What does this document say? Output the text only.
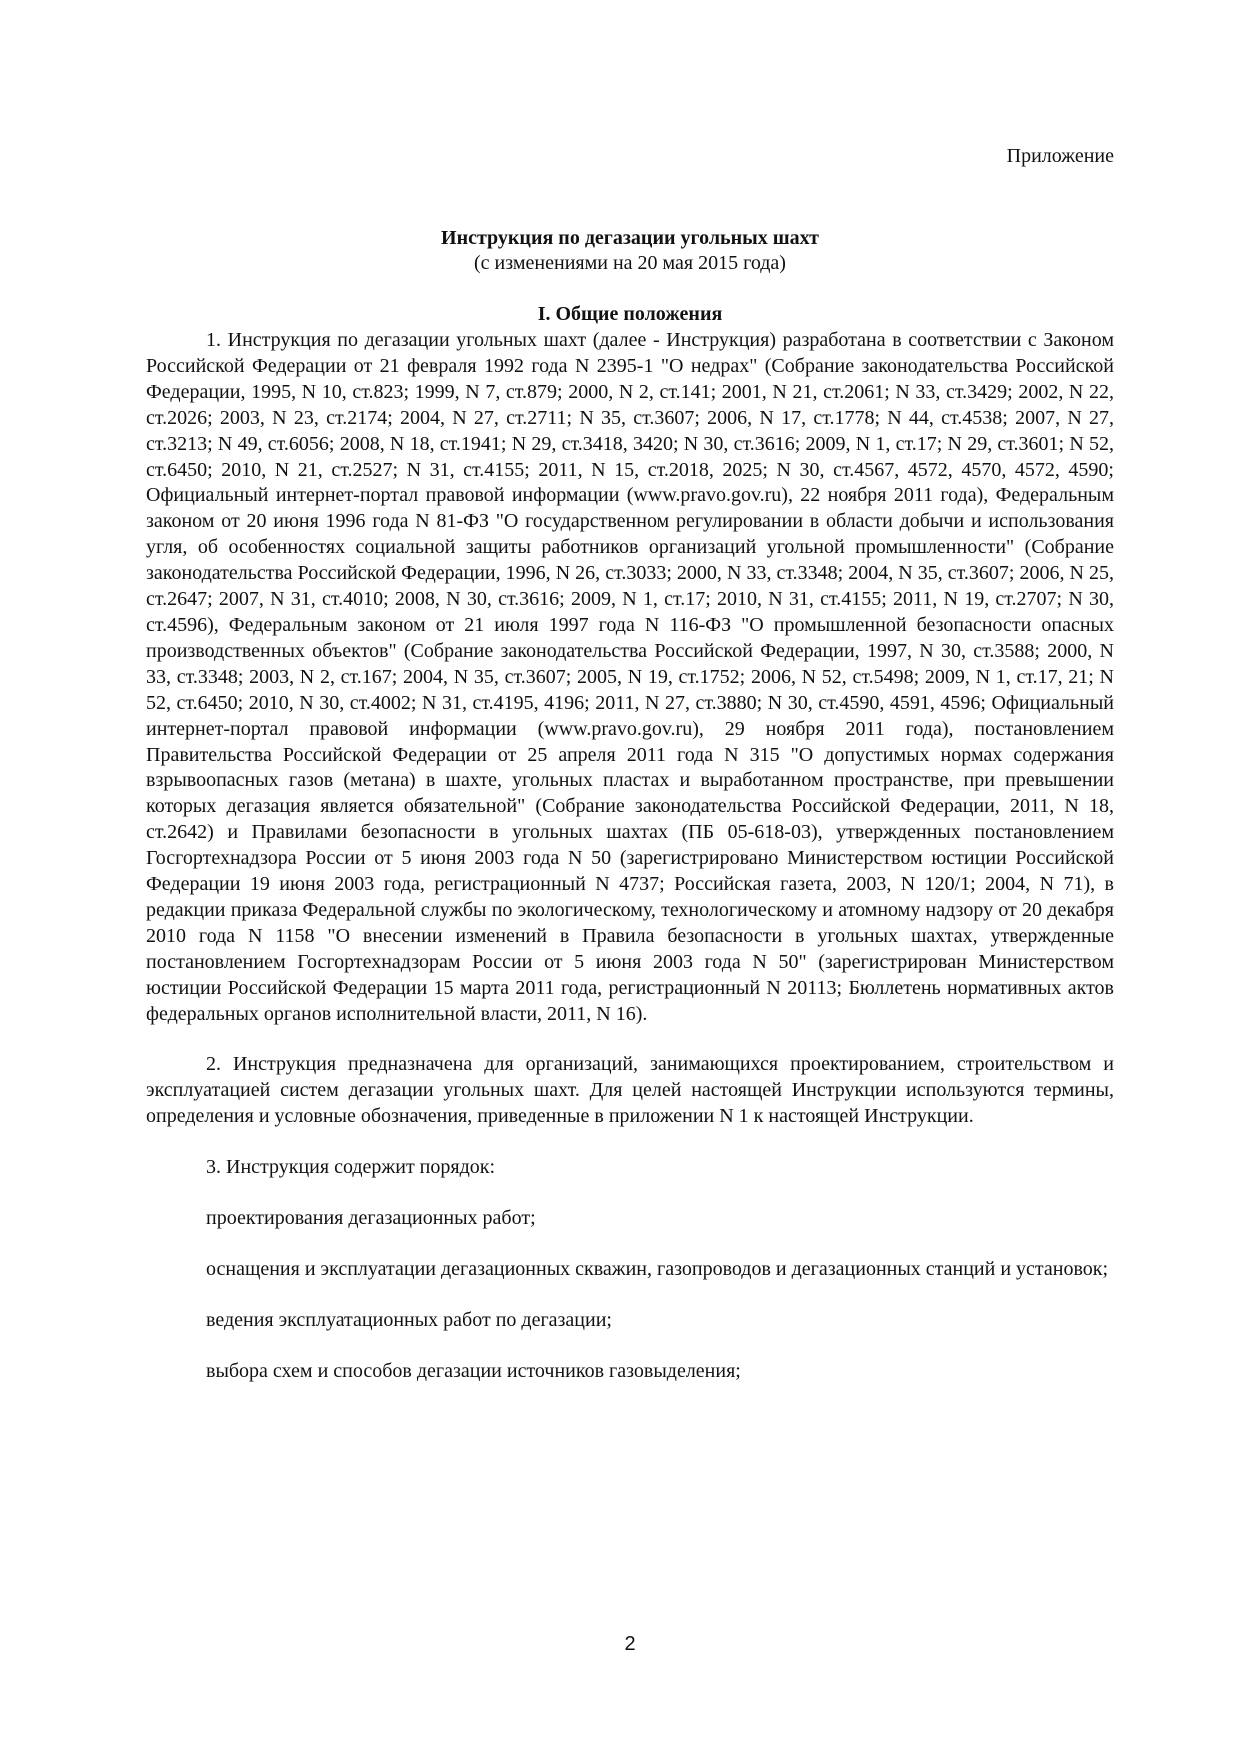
Приложение
Инструкция по дегазации угольных шахт
(с изменениями на 20 мая 2015 года)
I. Общие положения

1. Инструкция по дегазации угольных шахт (далее - Инструкция) разработана в соответствии с Законом Российской Федерации от 21 февраля 1992 года N 2395-1 "О недрах" (Собрание законодательства Российской Федерации, 1995, N 10, ст.823; 1999, N 7, ст.879; 2000, N 2, ст.141; 2001, N 21, ст.2061; N 33, ст.3429; 2002, N 22, ст.2026; 2003, N 23, ст.2174; 2004, N 27, ст.2711; N 35, ст.3607; 2006, N 17, ст.1778; N 44, ст.4538; 2007, N 27, ст.3213; N 49, ст.6056; 2008, N 18, ст.1941; N 29, ст.3418, 3420; N 30, ст.3616; 2009, N 1, ст.17; N 29, ст.3601; N 52, ст.6450; 2010, N 21, ст.2527; N 31, ст.4155; 2011, N 15, ст.2018, 2025; N 30, ст.4567, 4572, 4570, 4572, 4590; Официальный интернет-портал правовой информации (www.pravo.gov.ru), 22 ноября 2011 года), Федеральным законом от 20 июня 1996 года N 81-ФЗ "О государственном регулировании в области добычи и использования угля, об особенностях социальной защиты работников организаций угольной промышленности" (Собрание законодательства Российской Федерации, 1996, N 26, ст.3033; 2000, N 33, ст.3348; 2004, N 35, ст.3607; 2006, N 25, ст.2647; 2007, N 31, ст.4010; 2008, N 30, ст.3616; 2009, N 1, ст.17; 2010, N 31, ст.4155; 2011, N 19, ст.2707; N 30, ст.4596), Федеральным законом от 21 июля 1997 года N 116-ФЗ "О промышленной безопасности опасных производственных объектов" (Собрание законодательства Российской Федерации, 1997, N 30, ст.3588; 2000, N 33, ст.3348; 2003, N 2, ст.167; 2004, N 35, ст.3607; 2005, N 19, ст.1752; 2006, N 52, ст.5498; 2009, N 1, ст.17, 21; N 52, ст.6450; 2010, N 30, ст.4002; N 31, ст.4195, 4196; 2011, N 27, ст.3880; N 30, ст.4590, 4591, 4596; Официальный интернет-портал правовой информации (www.pravo.gov.ru), 29 ноября 2011 года), постановлением Правительства Российской Федерации от 25 апреля 2011 года N 315 "О допустимых нормах содержания взрывоопасных газов (метана) в шахте, угольных пластах и выработанном пространстве, при превышении которых дегазация является обязательной" (Собрание законодательства Российской Федерации, 2011, N 18, ст.2642) и Правилами безопасности в угольных шахтах (ПБ 05-618-03), утвержденных постановлением Госгортехнадзора России от 5 июня 2003 года N 50 (зарегистрировано Министерством юстиции Российской Федерации 19 июня 2003 года, регистрационный N 4737; Российская газета, 2003, N 120/1; 2004, N 71), в редакции приказа Федеральной службы по экологическому, технологическому и атомному надзору от 20 декабря 2010 года N 1158 "О внесении изменений в Правила безопасности в угольных шахтах, утвержденные постановлением Госгортехнадзорам России от 5 июня 2003 года N 50" (зарегистрирован Министерством юстиции Российской Федерации 15 марта 2011 года, регистрационный N 20113; Бюллетень нормативных актов федеральных органов исполнительной власти, 2011, N 16).

2. Инструкция предназначена для организаций, занимающихся проектированием, строительством и эксплуатацией систем дегазации угольных шахт. Для целей настоящей Инструкции используются термины, определения и условные обозначения, приведенные в приложении N 1 к настоящей Инструкции.

3. Инструкция содержит порядок:

проектирования дегазационных работ;

оснащения и эксплуатации дегазационных скважин, газопроводов и дегазационных станций и установок;

ведения эксплуатационных работ по дегазации;

выбора схем и способов дегазации источников газовыделения;

2
